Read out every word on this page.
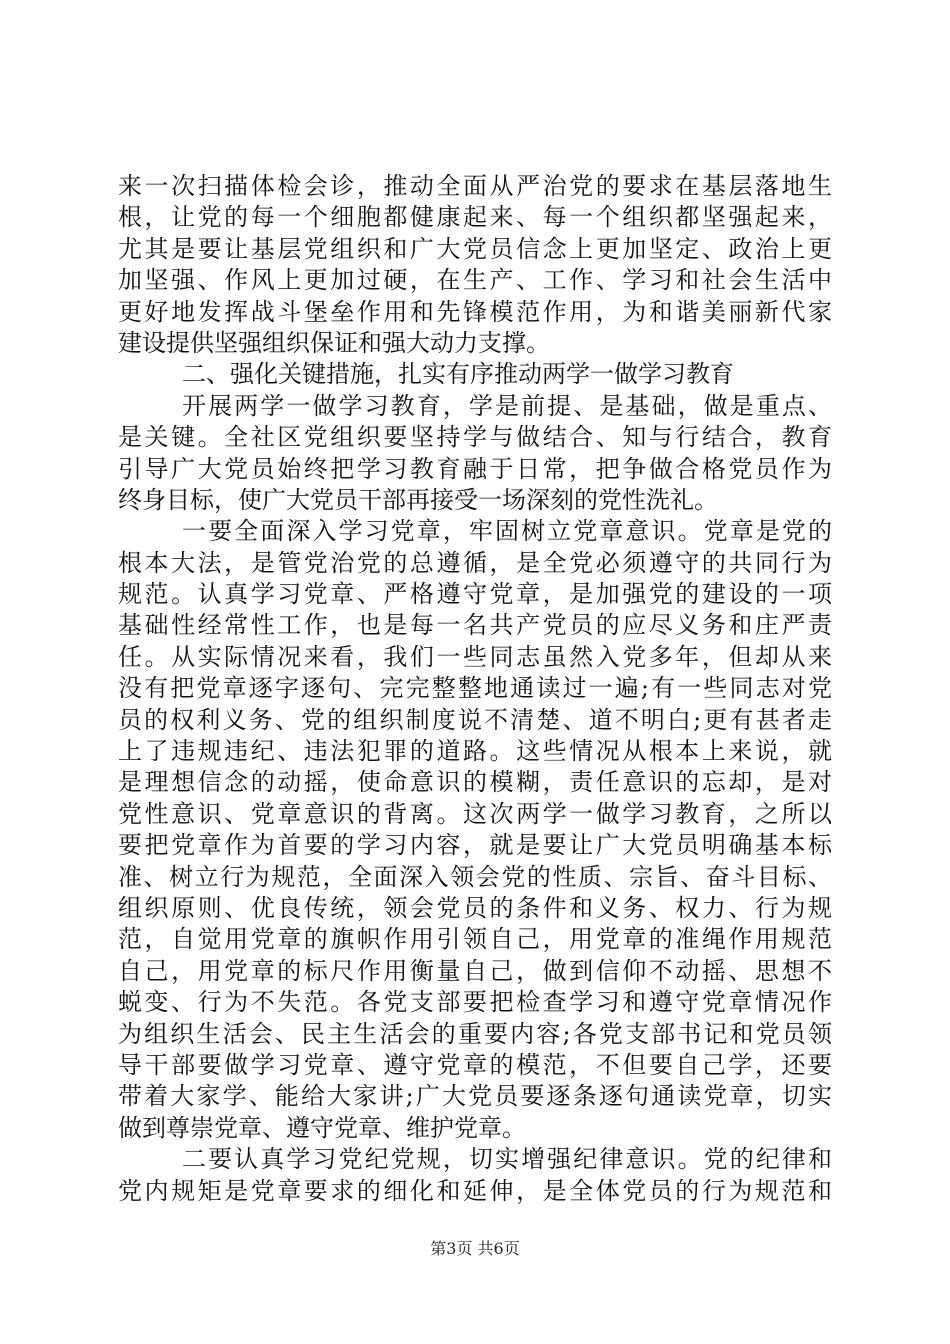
来一次扫描体检会诊，推动全面从严治党的要求在基层落地生
根，让党的每一个细胞都健康起来、每一个组织都坚强起来，
尤其是要让基层党组织和广大党员信念上更加坚定、政治上更
加坚强、作风上更加过硬，在生产、工作、学习和社会生活中
更好地发挥战斗堡垒作用和先锋模范作用，为和谐美丽新代家
建设提供坚强组织保证和强大动力支撑。
二、强化关键措施，扎实有序推动两学一做学习教育
开展两学一做学习教育，学是前提、是基础，做是重点、
是关键。全社区党组织要坚持学与做结合、知与行结合，教育
引导广大党员始终把学习教育融于日常，把争做合格党员作为
终身目标，使广大党员干部再接受一场深刻的党性洗礼。
一要全面深入学习党章，牢固树立党章意识。党章是党的
根本大法，是管党治党的总遵循，是全党必须遵守的共同行为
规范。认真学习党章、严格遵守党章，是加强党的建设的一项
基础性经常性工作，也是每一名共产党员的应尽义务和庄严责
任。从实际情况来看，我们一些同志虽然入党多年，但却从来
没有把党章逐字逐句、完完整整地通读过一遍;有一些同志对党
员的权利义务、党的组织制度说不清楚、道不明白;更有甚者走
上了违规违纪、违法犯罪的道路。这些情况从根本上来说，就
是理想信念的动摇，使命意识的模糊，责任意识的忘却，是对
党性意识、党章意识的背离。这次两学一做学习教育，之所以
要把党章作为首要的学习内容，就是要让广大党员明确基本标
准、树立行为规范，全面深入领会党的性质、宗旨、奋斗目标、
组织原则、优良传统，领会党员的条件和义务、权力、行为规
范，自觉用党章的旗帜作用引领自己，用党章的准绳作用规范
自己，用党章的标尺作用衡量自己，做到信仰不动摇、思想不
蜕变、行为不失范。各党支部要把检查学习和遵守党章情况作
为组织生活会、民主生活会的重要内容;各党支部书记和党员领
导干部要做学习党章、遵守党章的模范，不但要自己学，还要
带着大家学、能给大家讲;广大党员要逐条逐句通读党章，切实
做到尊崇党章、遵守党章、维护党章。
二要认真学习党纪党规，切实增强纪律意识。党的纪律和
党内规矩是党章要求的细化和延伸，是全体党员的行为规范和
第3页 共6页
